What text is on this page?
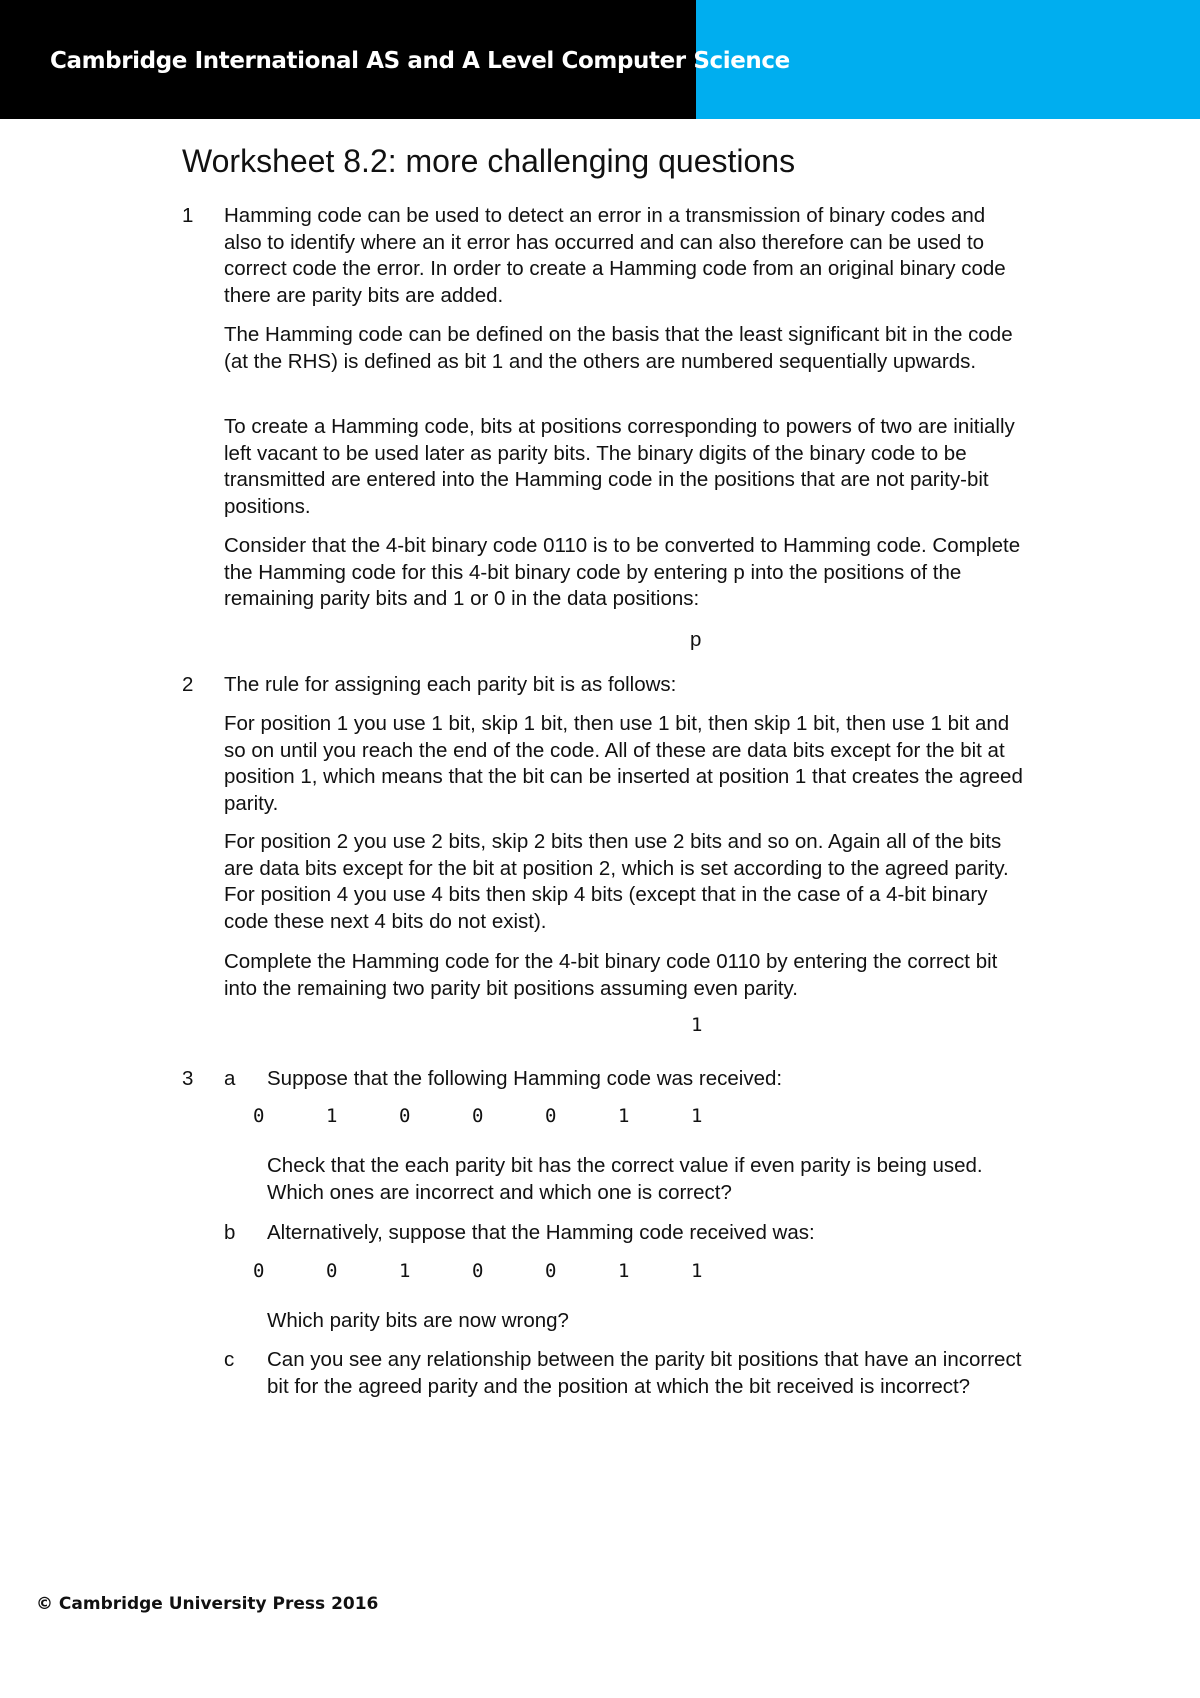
Cambridge International AS and A Level Computer Science
Worksheet 8.2: more challenging questions
1 Hamming code can be used to detect an error in a transmission of binary codes and also to identify where an it error has occurred and can also therefore can be used to correct code the error. In order to create a Hamming code from an original binary code there are parity bits are added.

The Hamming code can be defined on the basis that the least significant bit in the code (at the RHS) is defined as bit 1 and the others are numbered sequentially upwards.

To create a Hamming code, bits at positions corresponding to powers of two are initially left vacant to be used later as parity bits. The binary digits of the binary code to be transmitted are entered into the Hamming code in the positions that are not parity-bit positions.

Consider that the 4-bit binary code 0110 is to be converted to Hamming code. Complete the Hamming code for this 4-bit binary code by entering p into the positions of the remaining parity bits and 1 or 0 in the data positions:

p
2 The rule for assigning each parity bit is as follows:

For position 1 you use 1 bit, skip 1 bit, then use 1 bit, then skip 1 bit, then use 1 bit and so on until you reach the end of the code. All of these are data bits except for the bit at position 1, which means that the bit can be inserted at position 1 that creates the agreed parity.

For position 2 you use 2 bits, skip 2 bits then use 2 bits and so on. Again all of the bits are data bits except for the bit at position 2, which is set according to the agreed parity. For position 4 you use 4 bits then skip 4 bits (except that in the case of a 4-bit binary code these next 4 bits do not exist).

Complete the Hamming code for the 4-bit binary code 0110 by entering the correct bit into the remaining two parity bit positions assuming even parity.

1
3 a Suppose that the following Hamming code was received:

0	1	0	0	0	1	1

Check that the each parity bit has the correct value if even parity is being used. Which ones are incorrect and which one is correct?

b Alternatively, suppose that the Hamming code received was:

0	0	1	0	0	1	1

Which parity bits are now wrong?

c Can you see any relationship between the parity bit positions that have an incorrect bit for the agreed parity and the position at which the bit received is incorrect?

© Cambridge University Press 2016
